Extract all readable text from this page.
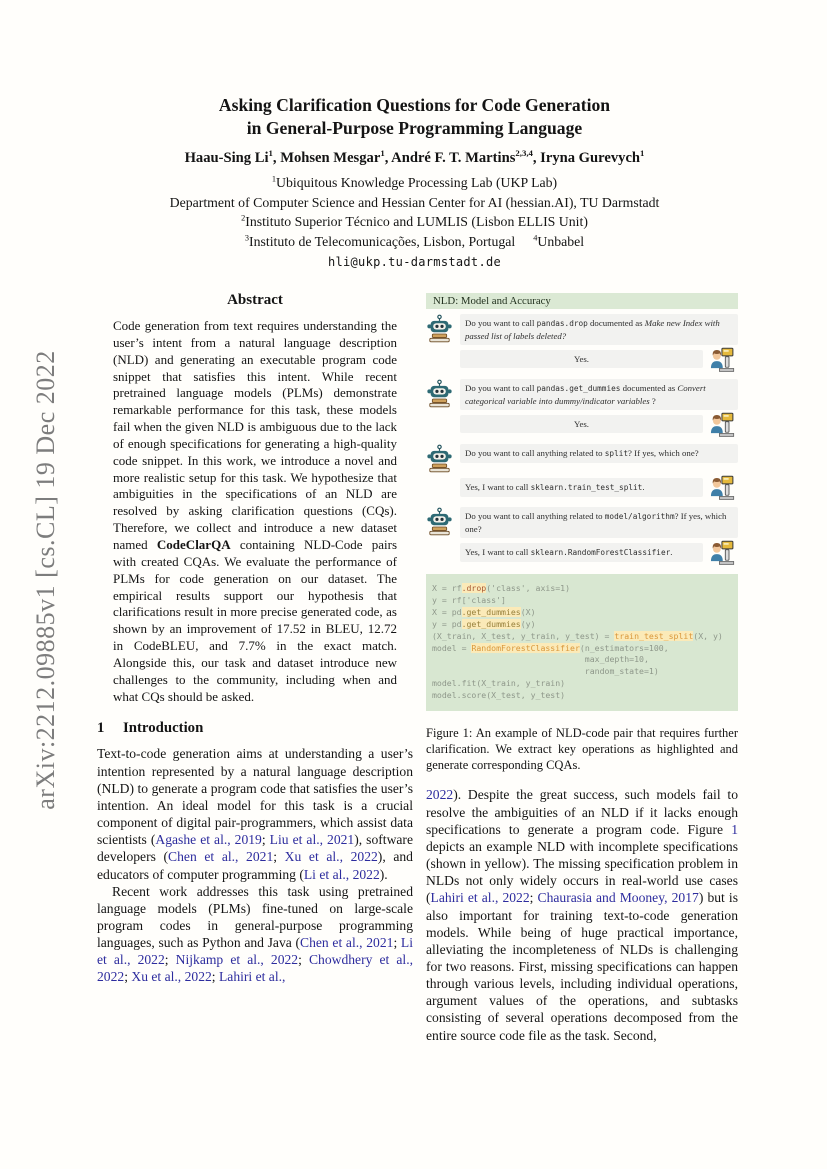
arXiv:2212.09885v1 [cs.CL] 19 Dec 2022
Asking Clarification Questions for Code Generation
in General-Purpose Programming Language
Haau-Sing Li$^1$, Mohsen Mesgar$^1$, André F. T. Martins$^{2,3,4}$, Iryna Gurevych$^1$
$^1$Ubiquitous Knowledge Processing Lab (UKP Lab)
Department of Computer Science and Hessian Center for AI (hessian.AI), TU Darmstadt
$^2$Instituto Superior Técnico and LUMLIS (Lisbon ELLIS Unit)
$^3$Instituto de Telecomunicações, Lisbon, Portugal $^4$Unbabel
hli@ukp.tu-darmstadt.de
Abstract

Code generation from text requires understanding the user’s intent from a natural language description (NLD) and generating an executable program code snippet that satisfies this intent. While recent pretrained language models (PLMs) demonstrate remarkable performance for this task, these models fail when the given NLD is ambiguous due to the lack of enough specifications for generating a high-quality code snippet. In this work, we introduce a novel and more realistic setup for this task. We hypothesize that ambiguities in the specifications of an NLD are resolved by asking clarification questions (CQs). Therefore, we collect and introduce a new dataset named CodeClarQA containing NLD-Code pairs with created CQAs. We evaluate the performance of PLMs for code generation on our dataset. The empirical results support our hypothesis that clarifications result in more precise generated code, as shown by an improvement of 17.52 in BLEU, 12.72 in CodeBLEU, and 7.7% in the exact match. Alongside this, our task and dataset introduce new challenges to the community, including when and what CQs should be asked.

1 Introduction

Text-to-code generation aims at understanding a user’s intention represented by a natural language description (NLD) to generate a program code that satisfies the user’s intention. An ideal model for this task is a crucial component of digital pair-programmers, which assist data scientists (Agashe et al., 2019; Liu et al., 2021), software developers (Chen et al., 2021; Xu et al., 2022), and educators of computer programming (Li et al., 2022).

Recent work addresses this task using pretrained language models (PLMs) fine-tuned on large-scale program codes in general-purpose programming languages, such as Python and Java (Chen et al., 2021; Li et al., 2022; Nijkamp et al., 2022; Chowdhery et al., 2022; Xu et al., 2022; Lahiri et al.,

NLD: Model and Accuracy
Do you want to call pandas.drop documented as Make new Index with passed list of labels deleted?
Yes.
Do you want to call pandas.get_dummies documented as Convert categorical variable into dummy/indicator variables ?
Yes.
Do you want to call anything related to split? If yes, which one?
Yes, I want to call sklearn.train_test_split.
Do you want to call anything related to model/algorithm? If yes, which one?
Yes, I want to call sklearn.RandomForestClassifier.
X = rf.drop('class', axis=1)
y = rf['class']
X = pd.get_dummies(X)
y = pd.get_dummies(y)
(X_train, X_test, y_train, y_test) = train_test_split(X, y)
model = RandomForestClassifier(n_estimators=100,
max_depth=10,
random_state=1)
model.fit(X_train, y_train)
model.score(X_test, y_test)
Figure 1: An example of NLD-code pair that requires further clarification. We extract key operations as highlighted and generate corresponding CQAs.

2022). Despite the great success, such models fail to resolve the ambiguities of an NLD if it lacks enough specifications to generate a program code. Figure 1 depicts an example NLD with incomplete specifications (shown in yellow). The missing specification problem in NLDs not only widely occurs in real-world use cases (Lahiri et al., 2022; Chaurasia and Mooney, 2017) but is also important for training text-to-code generation models. While being of huge practical importance, alleviating the incompleteness of NLDs is challenging for two reasons. First, missing specifications can happen through various levels, including individual operations, argument values of the operations, and subtasks consisting of several operations decomposed from the entire source code file as the task. Second,
